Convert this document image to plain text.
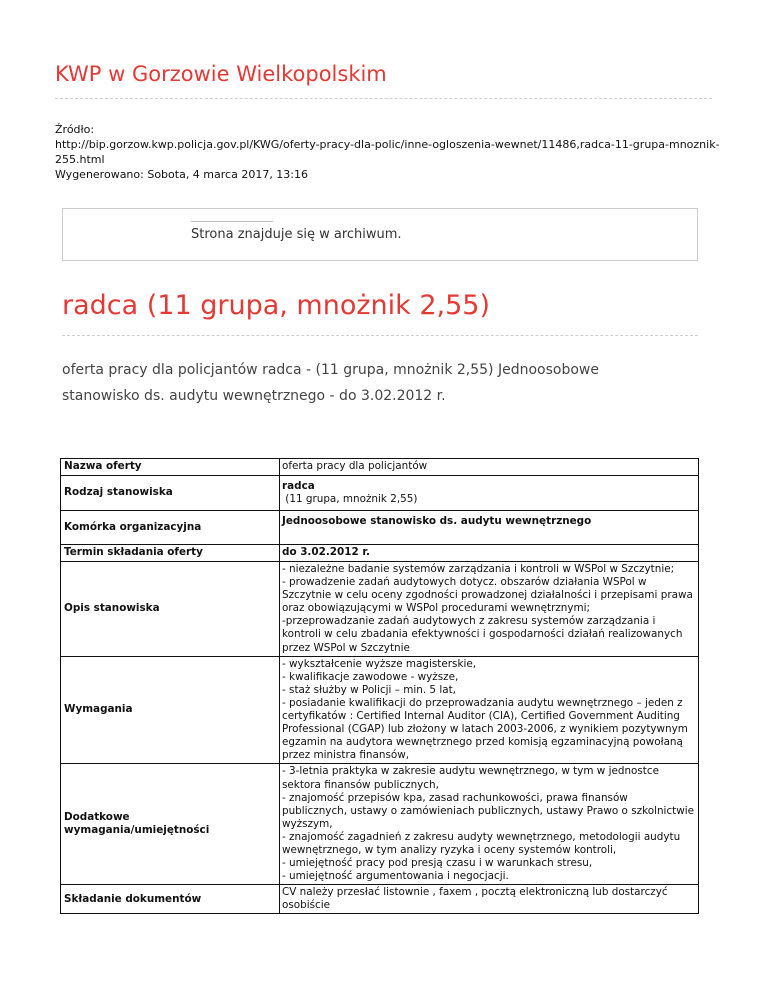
KWP w Gorzowie Wielkopolskim
Źródło:
http://bip.gorzow.kwp.policja.gov.pl/KWG/oferty-pracy-dla-polic/inne-ogloszenia-wewnet/11486,radca-11-grupa-mnoznik-255.html
Wygenerowano: Sobota, 4 marca 2017, 13:16
Strona znajduje się w archiwum.
radca (11 grupa, mnożnik 2,55)

oferta pracy dla policjantów radca - (11 grupa, mnożnik 2,55) Jednoosobowe stanowisko ds. audytu wewnętrznego - do 3.02.2012 r.

Nazwa oferty	oferta pracy dla policjantów

Rodzaj stanowiska	radca
(11 grupa, mnożnik 2,55)

Komórka organizacyjna	Jednoosobowe stanowisko ds. audytu wewnętrznego

Termin składania oferty	do 3.02.2012 r.

Opis stanowiska	- niezależne badanie systemów zarządzania i kontroli w WSPol w Szczytnie;
- prowadzenie zadań audytowych dotycz. obszarów działania WSPol w Szczytnie w celu oceny zgodności prowadzonej działalności i przepisami prawa oraz obowiązującymi w WSPol procedurami wewnętrznymi;
-przeprowadzanie zadań audytowych z zakresu systemów zarządzania i kontroli w celu zbadania efektywności i gospodarności działań realizowanych przez WSPol w Szczytnie

Wymagania	- wykształcenie wyższe magisterskie,
- kwalifikacje zawodowe - wyższe,
- staż służby w Policji – min. 5 lat,
- posiadanie kwalifikacji do przeprowadzania audytu wewnętrznego – jeden z certyfikatów : Certified Internal Auditor (CIA), Certified Government Auditing Professional (CGAP) lub złożony w latach 2003-2006, z wynikiem pozytywnym egzamin na audytora wewnętrznego przed komisją egzaminacyjną powołaną przez ministra finansów,

Dodatkowe wymagania/umiejętności	- 3-letnia praktyka w zakresie audytu wewnętrznego, w tym w jednostce sektora finansów publicznych,
- znajomość przepisów kpa, zasad rachunkowości, prawa finansów publicznych, ustawy o zamówieniach publicznych, ustawy Prawo o szkolnictwie wyższym,
- znajomość zagadnień z zakresu audyty wewnętrznego, metodologii audytu wewnętrznego, w tym analizy ryzyka i oceny systemów kontroli,
- umiejętność pracy pod presją czasu i w warunkach stresu,
- umiejętność argumentowania i negocjacji.

Składanie dokumentów	CV należy przesłać listownie , faxem , pocztą elektroniczną lub dostarczyć osobiście
